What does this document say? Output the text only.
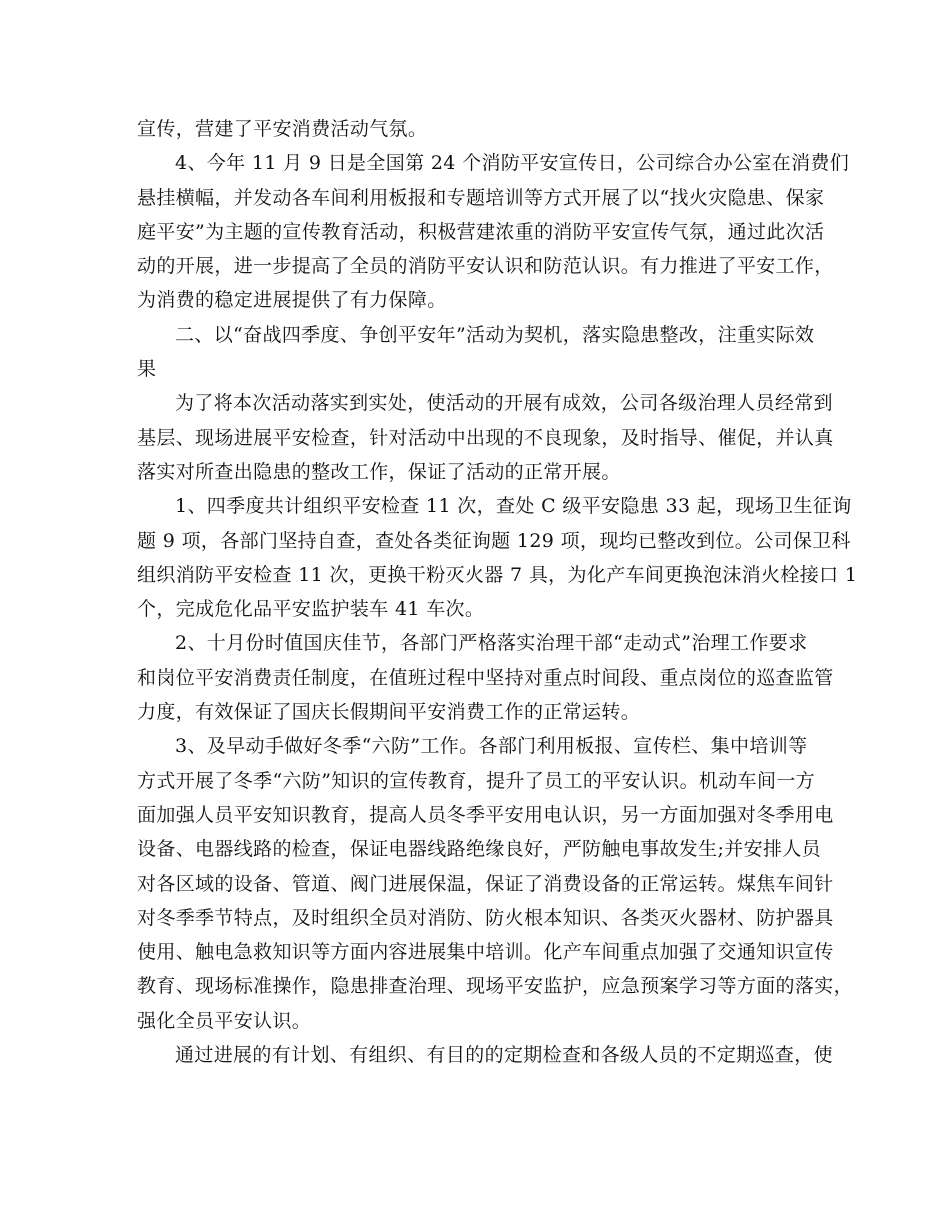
宣传，营建了平安消费活动气氛。
4、今年 11 月 9 日是全国第 24 个消防平安宣传日，公司综合办公室在消费们
悬挂横幅，并发动各车间利用板报和专题培训等方式开展了以“找火灾隐患、保家
庭平安”为主题的宣传教育活动，积极营建浓重的消防平安宣传气氛，通过此次活
动的开展，进一步提高了全员的消防平安认识和防范认识。有力推进了平安工作，
为消费的稳定进展提供了有力保障。
二、以“奋战四季度、争创平安年”活动为契机，落实隐患整改，注重实际效
果
为了将本次活动落实到实处，使活动的开展有成效，公司各级治理人员经常到
基层、现场进展平安检查，针对活动中出现的不良现象，及时指导、催促，并认真
落实对所查出隐患的整改工作，保证了活动的正常开展。
1、四季度共计组织平安检查 11 次，查处 C 级平安隐患 33 起，现场卫生征询
题 9 项，各部门坚持自查，查处各类征询题 129 项，现均已整改到位。公司保卫科
组织消防平安检查 11 次，更换干粉灭火器 7 具，为化产车间更换泡沫消火栓接口 1
个，完成危化品平安监护装车 41 车次。
2、十月份时值国庆佳节，各部门严格落实治理干部“走动式”治理工作要求
和岗位平安消费责任制度，在值班过程中坚持对重点时间段、重点岗位的巡查监管
力度，有效保证了国庆长假期间平安消费工作的正常运转。
3、及早动手做好冬季“六防”工作。各部门利用板报、宣传栏、集中培训等
方式开展了冬季“六防”知识的宣传教育，提升了员工的平安认识。机动车间一方
面加强人员平安知识教育，提高人员冬季平安用电认识，另一方面加强对冬季用电
设备、电器线路的检查，保证电器线路绝缘良好，严防触电事故发生;并安排人员
对各区域的设备、管道、阀门进展保温，保证了消费设备的正常运转。煤焦车间针
对冬季季节特点，及时组织全员对消防、防火根本知识、各类灭火器材、防护器具
使用、触电急救知识等方面内容进展集中培训。化产车间重点加强了交通知识宣传
教育、现场标准操作，隐患排查治理、现场平安监护，应急预案学习等方面的落实，
强化全员平安认识。
通过进展的有计划、有组织、有目的的定期检查和各级人员的不定期巡查，使
